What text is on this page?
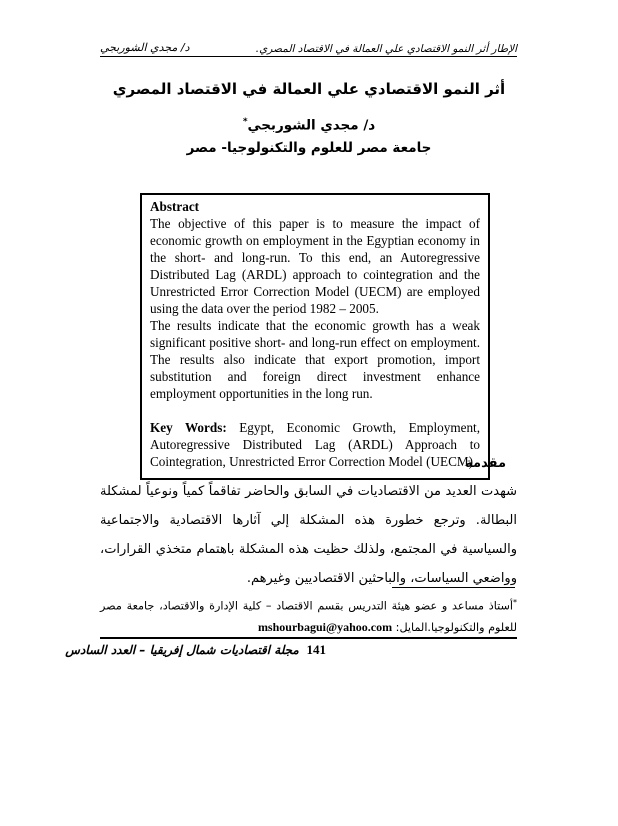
د/ مجدي الشوربجي	الإطار أثر النمو الاقتصادي علي العمالة في الاقتصاد المصري.
أثر النمو الاقتصادي علي العمالة في الاقتصاد المصري
د/ مجدي الشوربجي*
جامعة مصر للعلوم والتكنولوجيا- مصر
Abstract

The objective of this paper is to measure the impact of economic growth on employment in the Egyptian economy in the short- and long-run. To this end, an Autoregressive Distributed Lag (ARDL) approach to cointegration and the Unrestricted Error Correction Model (UECM) are employed using the data over the period 1982 – 2005.

The results indicate that the economic growth has a weak significant positive short- and long-run effect on employment. The results also indicate that export promotion, import substitution and foreign direct investment enhance employment opportunities in the long run.

Key Words: Egypt, Economic Growth, Employment, Autoregressive Distributed Lag (ARDL) Approach to Cointegration, Unrestricted Error Correction Model (UECM)

مقدمة
شهدت العديد من الاقتصاديات في السابق والحاضر تفاقماً كمياً ونوعياً لمشكلة البطالة. وترجع خطورة هذه المشكلة إلي آثارها الاقتصادية والاجتماعية والسياسية في المجتمع، ولذلك حظيت هذه المشكلة باهتمام متخذي القرارات، وواضعي السياسات، والباحثين الاقتصاديين وغيرهم.
*أستاذ مساعد و عضو هيئة التدريس بقسم الاقتصاد – كلية الإدارة والاقتصاد، جامعة مصر للعلوم والتكنولوجيا.المايل: mshourbagui@yahoo.com
141  مجلة اقتصاديات شمال إفريقيا – العدد السادس
